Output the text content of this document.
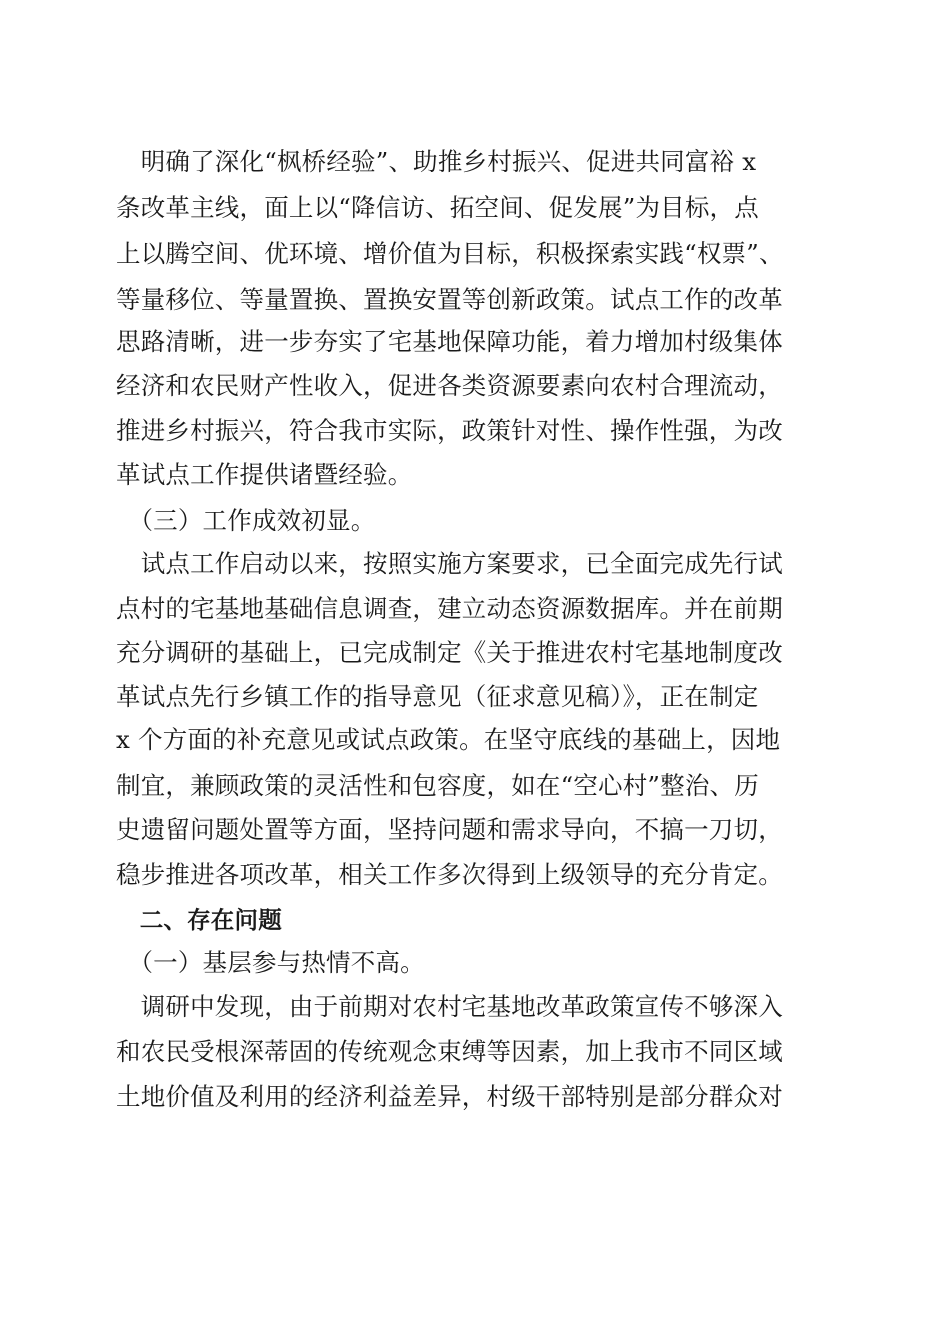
　明确了深化“枫桥经验”、助推乡村振兴、促进共同富裕 x
条改革主线，面上以“降信访、拓空间、促发展”为目标，点
上以腾空间、优环境、增价值为目标，积极探索实践“权票”、
等量移位、等量置换、置换安置等创新政策。试点工作的改革
思路清晰，进一步夯实了宅基地保障功能，着力增加村级集体
经济和农民财产性收入，促进各类资源要素向农村合理流动，
推进乡村振兴，符合我市实际，政策针对性、操作性强，为改
革试点工作提供诸暨经验。
　（三）工作成效初显。
　试点工作启动以来，按照实施方案要求，已全面完成先行试
点村的宅基地基础信息调查，建立动态资源数据库。并在前期
充分调研的基础上，已完成制定《关于推进农村宅基地制度改
革试点先行乡镇工作的指导意见（征求意见稿）》，正在制定
x 个方面的补充意见或试点政策。在坚守底线的基础上，因地
制宜，兼顾政策的灵活性和包容度，如在“空心村”整治、历
史遗留问题处置等方面，坚持问题和需求导向，不搞一刀切，
稳步推进各项改革，相关工作多次得到上级领导的充分肯定。
　二、存在问题
　（一）基层参与热情不高。
　调研中发现，由于前期对农村宅基地改革政策宣传不够深入
和农民受根深蒂固的传统观念束缚等因素，加上我市不同区域
土地价值及利用的经济利益差异，村级干部特别是部分群众对
